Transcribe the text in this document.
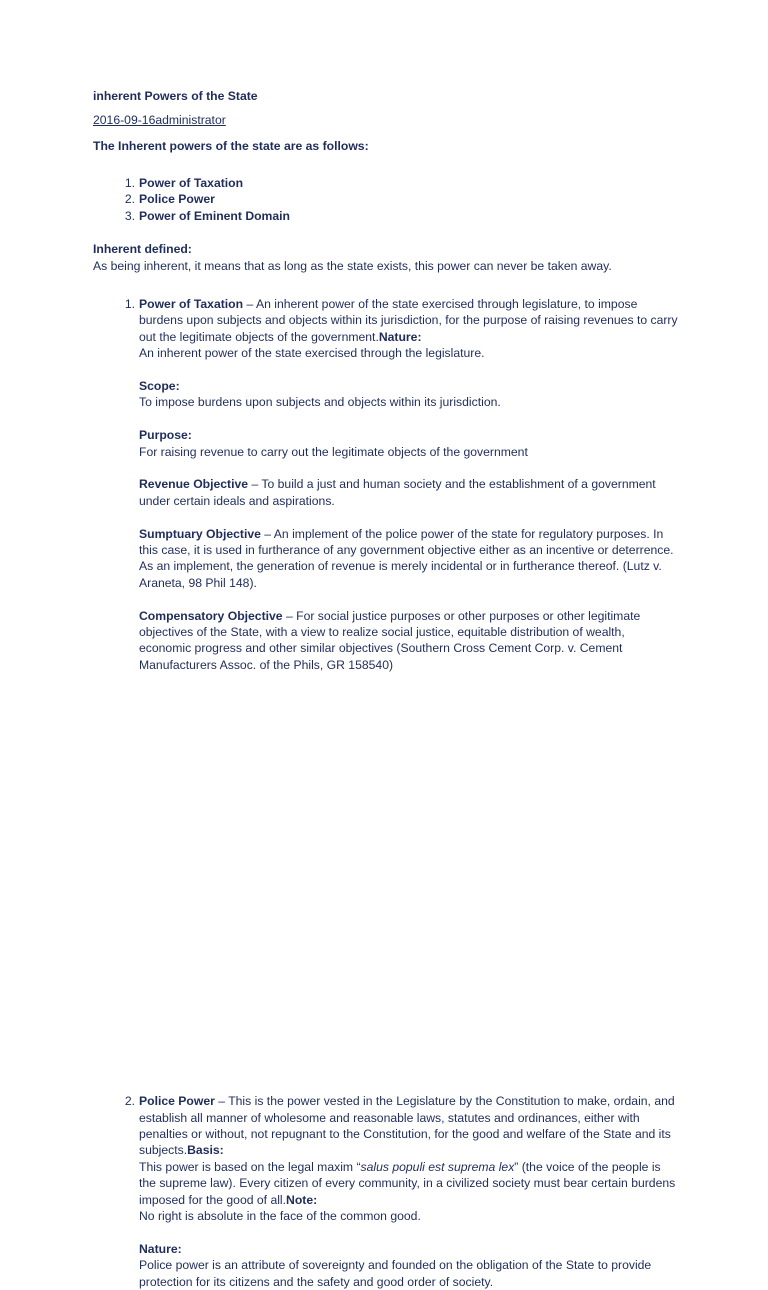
inherent Powers of the State
2016-09-16administrator
The Inherent powers of the state are as follows:
1. Power of Taxation
2. Police Power
3. Power of Eminent Domain
Inherent defined:
As being inherent, it means that as long as the state exists, this power can never be taken away.
1. Power of Taxation – An inherent power of the state exercised through legislature, to impose burdens upon subjects and objects within its jurisdiction, for the purpose of raising revenues to carry out the legitimate objects of the government.Nature:
An inherent power of the state exercised through the legislature.
Scope:
To impose burdens upon subjects and objects within its jurisdiction.
Purpose:
For raising revenue to carry out the legitimate objects of the government
Revenue Objective – To build a just and human society and the establishment of a government under certain ideals and aspirations.
Sumptuary Objective – An implement of the police power of the state for regulatory purposes. In this case, it is used in furtherance of any government objective either as an incentive or deterrence. As an implement, the generation of revenue is merely incidental or in furtherance thereof. (Lutz v. Araneta, 98 Phil 148).
Compensatory Objective – For social justice purposes or other purposes or other legitimate objectives of the State, with a view to realize social justice, equitable distribution of wealth, economic progress and other similar objectives (Southern Cross Cement Corp. v. Cement Manufacturers Assoc. of the Phils, GR 158540)
2. Police Power – This is the power vested in the Legislature by the Constitution to make, ordain, and establish all manner of wholesome and reasonable laws, statutes and ordinances, either with penalties or without, not repugnant to the Constitution, for the good and welfare of the State and its subjects.Basis:
This power is based on the legal maxim “salus populi est suprema lex” (the voice of the people is the supreme law). Every citizen of every community, in a civilized society must bear certain burdens imposed for the good of all.Note:
No right is absolute in the face of the common good.
Nature:
Police power is an attribute of sovereignty and founded on the obligation of the State to provide protection for its citizens and the safety and good order of society.
